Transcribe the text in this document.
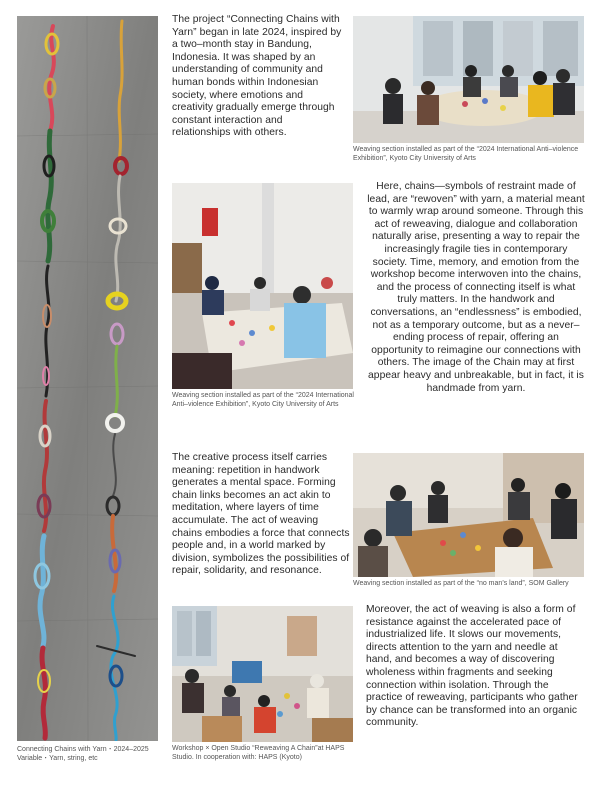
Connecting Chains with Yarn・2024–2025
Variable・Yarn, string, etc
The project “Connecting Chains with Yarn” began in late 2024, inspired by a two–month stay in Bandung, Indonesia. It was shaped by an understanding of community and human bonds within Indonesian society, where emotions and creativity gradually emerge through constant interaction and relationships with others.
Weaving section installed as part of the “2024 International Anti–violence Exhibition”, Kyoto City University of Arts
Weaving section installed as part of the “2024 International Anti–violence Exhibition”, Kyoto City University of Arts
Here, chains—symbols of restraint made of lead, are “rewoven” with yarn, a material meant to warmly wrap around someone. Through this act of reweaving, dialogue and collaboration naturally arise, presenting a way to repair the increasingly fragile ties in contemporary society. Time, memory, and emotion from the workshop become interwoven into the chains, and the process of connecting itself is what truly matters. In the handwork and conversations, an “endlessness” is embodied, not as a temporary outcome, but as a never–ending process of repair, offering an opportunity to reimagine our connections with others. The image of the Chain may at first appear heavy and unbreakable, but in fact, it is handmade from yarn.
The creative process itself carries meaning: repetition in handwork generates a mental space. Forming chain links becomes an act akin to meditation, where layers of time accumulate. The act of weaving chains embodies a force that connects people and, in a world marked by division, symbolizes the possibilities of repair, solidarity, and resonance.
Weaving section installed as part of the “no man’s land”, SOM Gallery
Workshop × Open Studio “Reweaving A Chain”at HAPS Studio. In cooperation with: HAPS (Kyoto)
Moreover, the act of weaving is also a form of resistance against the accelerated pace of industrialized life. It slows our movements, directs attention to the yarn and needle at hand, and becomes a way of discovering wholeness within fragments and seeking connection within isolation. Through the practice of reweaving, participants who gather by chance can be transformed into an organic community.
